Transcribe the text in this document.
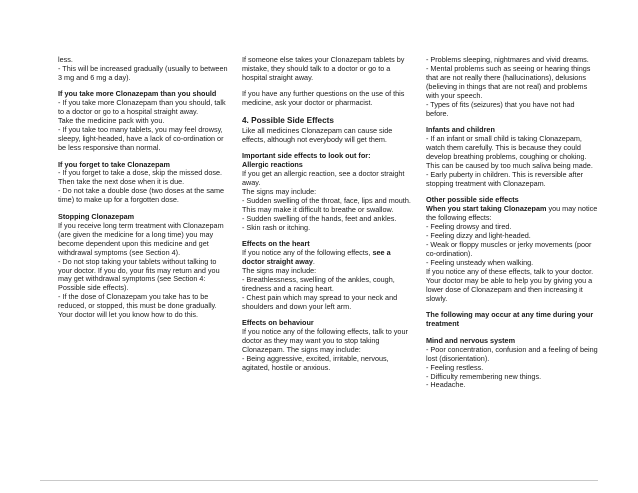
less.
- This will be increased gradually (usually to between 3 mg and 6 mg a day).

If you take more Clonazepam than you should
- If you take more Clonazepam than you should, talk to a doctor or go to a hospital straight away.
Take the medicine pack with you.
- If you take too many tablets, you may feel drowsy, sleepy, light-headed, have a lack of co-ordination or be less responsive than normal.

If you forget to take Clonazepam
- If you forget to take a dose, skip the missed dose. Then take the next dose when it is due.
- Do not take a double dose (two doses at the same time) to make up for a forgotten dose.

Stopping Clonazepam
If you receive long term treatment with Clonazepam (are given the medicine for a long time) you may become dependent upon this medicine and get withdrawal symptoms (see Section 4).
- Do not stop taking your tablets without talking to your doctor. If you do, your fits may return and you may get withdrawal symptoms (see Section 4: Possible side effects).
- If the dose of Clonazepam you take has to be reduced, or stopped, this must be done gradually. Your doctor will let you know how to do this.

If someone else takes your Clonazepam tablets by mistake, they should talk to a doctor or go to a hospital straight away.

If you have any further questions on the use of this medicine, ask your doctor or pharmacist.

4. Possible Side Effects

Like all medicines Clonazepam can cause side effects, although not everybody will get them.

Important side effects to look out for:
Allergic reactions
If you get an allergic reaction, see a doctor straight away.
The signs may include:
- Sudden swelling of the throat, face, lips and mouth. This may make it difficult to breathe or swallow.
- Sudden swelling of the hands, feet and ankles.
- Skin rash or itching.

Effects on the heart
If you notice any of the following effects, see a doctor straight away.
The signs may include:
- Breathlessness, swelling of the ankles, cough, tiredness and a racing heart.
- Chest pain which may spread to your neck and shoulders and down your left arm.

Effects on behaviour
If you notice any of the following effects, talk to your doctor as they may want you to stop taking Clonazepam. The signs may include:
- Being aggressive, excited, irritable, nervous, agitated, hostile or anxious.

- Problems sleeping, nightmares and vivid dreams.
- Mental problems such as seeing or hearing things that are not really there (hallucinations), delusions (believing in things that are not real) and problems with your speech.
- Types of fits (seizures) that you have not had before.

Infants and children
- If an infant or small child is taking Clonazepam, watch them carefully. This is because they could develop breathing problems, coughing or choking. This can be caused by too much saliva being made.
- Early puberty in children. This is reversible after stopping treatment with Clonazepam.

Other possible side effects
When you start taking Clonazepam you may notice the following effects:
- Feeling drowsy and tired.
- Feeling dizzy and light-headed.
- Weak or floppy muscles or jerky movements (poor co-ordination).
- Feeling unsteady when walking.
If you notice any of these effects, talk to your doctor. Your doctor may be able to help you by giving you a lower dose of Clonazepam and then increasing it slowly.

The following may occur at any time during your treatment

Mind and nervous system
- Poor concentration, confusion and a feeling of being lost (disorientation).
- Feeling restless.
- Difficulty remembering new things.
- Headache.
